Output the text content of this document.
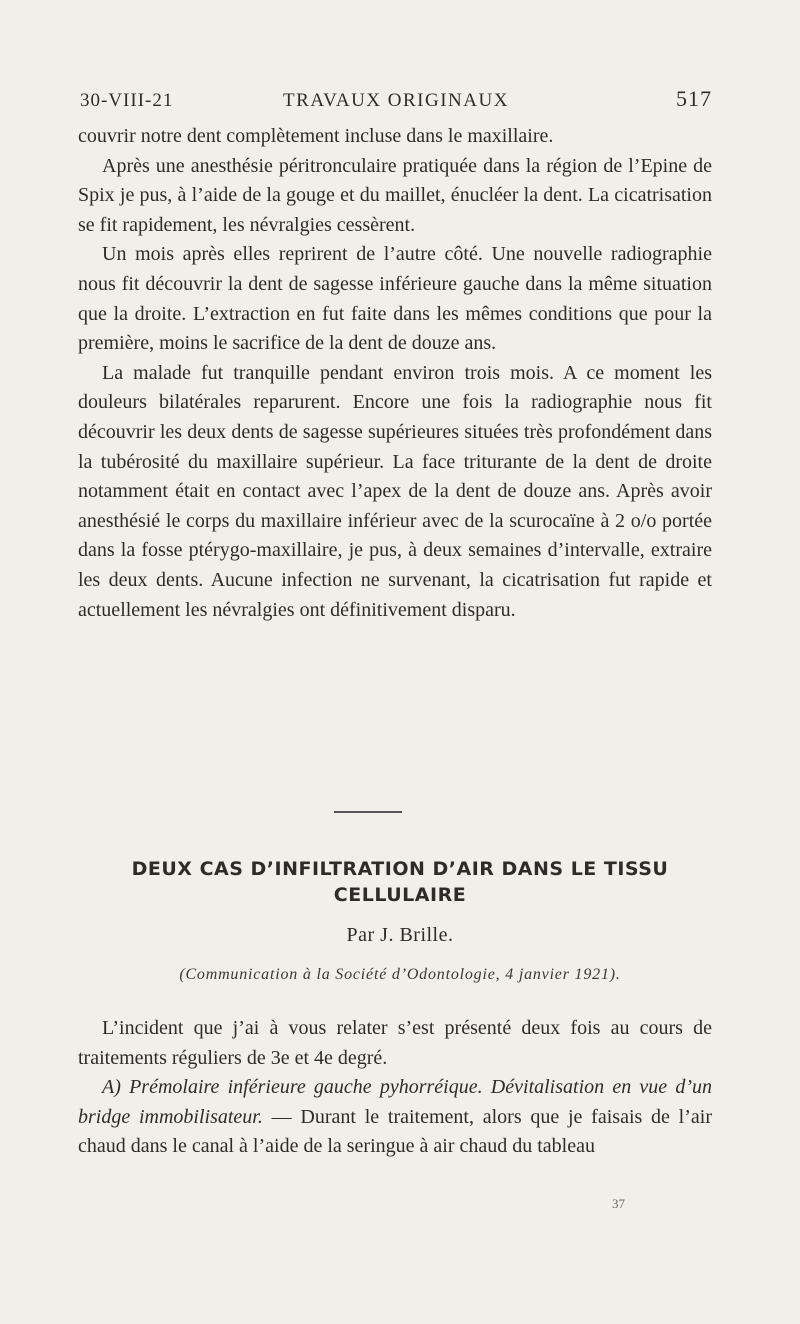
30-VIII-21	TRAVAUX ORIGINAUX	517

couvrir notre dent complètement incluse dans le maxillaire.

Après une anesthésie péritronculaire pratiquée dans la région de l’Epine de Spix je pus, à l’aide de la gouge et du maillet, énucléer la dent. La cicatrisation se fit rapidement, les névralgies cessèrent.

Un mois après elles reprirent de l’autre côté. Une nouvelle radiographie nous fit découvrir la dent de sagesse inférieure gauche dans la même situation que la droite. L’extraction en fut faite dans les mêmes conditions que pour la première, moins le sacrifice de la dent de douze ans.

La malade fut tranquille pendant environ trois mois. A ce moment les douleurs bilatérales reparurent. Encore une fois la radiographie nous fit découvrir les deux dents de sagesse supérieures situées très profondément dans la tubérosité du maxillaire supérieur. La face triturante de la dent de droite notamment était en contact avec l’apex de la dent de douze ans. Après avoir anesthésié le corps du maxillaire inférieur avec de la scurocaïne à 2 o/o portée dans la fosse ptérygo-maxillaire, je pus, à deux semaines d’intervalle, extraire les deux dents. Aucune infection ne survenant, la cicatrisation fut rapide et actuellement les névralgies ont définitivement disparu.

DEUX CAS D’INFILTRATION D’AIR DANS LE TISSU
CELLULAIRE
Par J. Brille.
(Communication à la Société d’Odontologie, 4 janvier 1921).

L’incident que j’ai à vous relater s’est présenté deux fois au cours de traitements réguliers de 3e et 4e degré.

A) Prémolaire inférieure gauche pyhorréique. Dévitalisation en vue d’un bridge immobilisateur. — Durant le traitement, alors que je faisais de l’air chaud dans le canal à l’aide de la seringue à air chaud du tableau

37
